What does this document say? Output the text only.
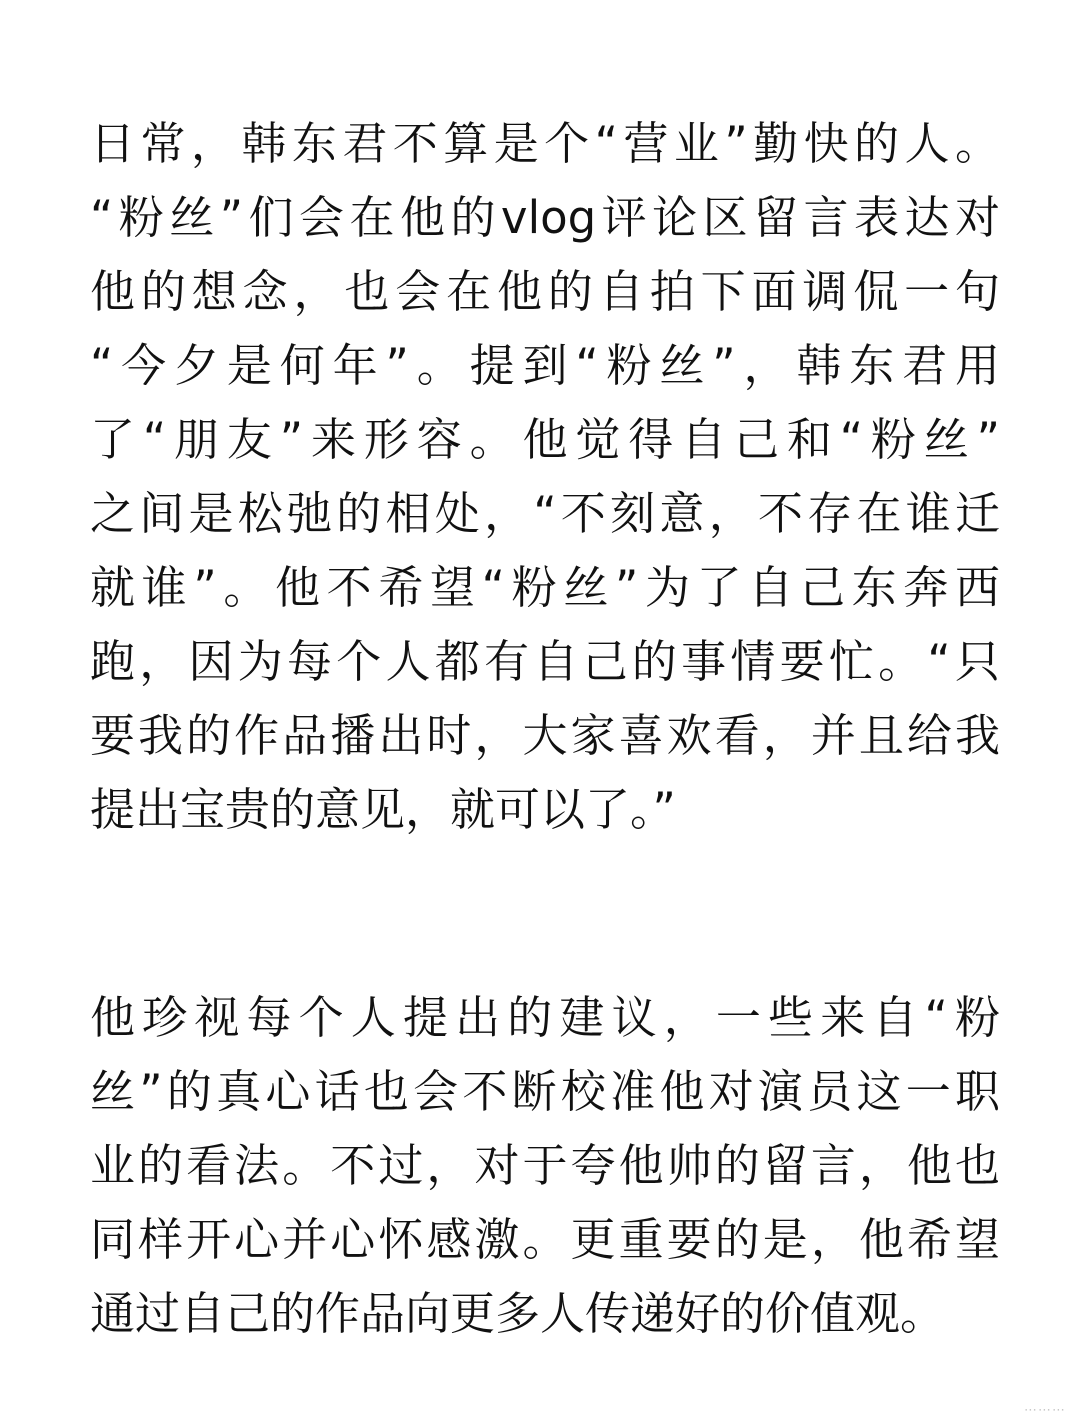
日常，韩东君不算是个“营业”勤快的人。
“粉丝”们会在他的vlog评论区留言表达对
他的想念，也会在他的自拍下面调侃一句
“今夕是何年”。提到“粉丝”，韩东君用
了“朋友”来形容。他觉得自己和“粉丝”
之间是松弛的相处，“不刻意，不存在谁迁
就谁”。他不希望“粉丝”为了自己东奔西
跑，因为每个人都有自己的事情要忙。“只
要我的作品播出时，大家喜欢看，并且给我
提出宝贵的意见，就可以了。”
他珍视每个人提出的建议，一些来自“粉
丝”的真心话也会不断校准他对演员这一职
业的看法。不过，对于夸他帅的留言，他也
同样开心并心怀感激。更重要的是，他希望
通过自己的作品向更多人传递好的价值观。
⋯⋯⋯
